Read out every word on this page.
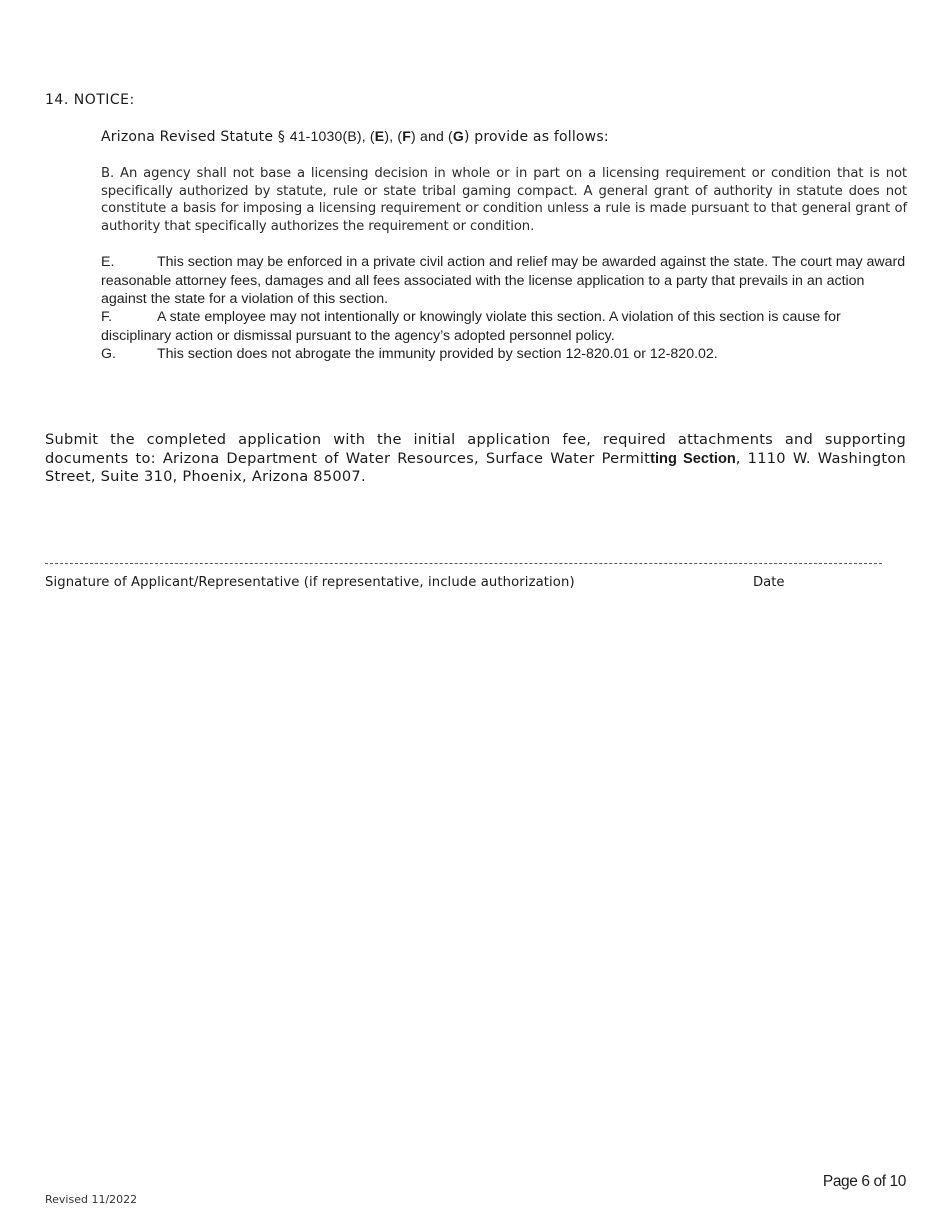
14. NOTICE:
Arizona Revised Statute § 41-1030(B), (E), (F) and (G) provide as follows:
B. An agency shall not base a licensing decision in whole or in part on a licensing requirement or condition that is not specifically authorized by statute, rule or state tribal gaming compact. A general grant of authority in statute does not constitute a basis for imposing a licensing requirement or condition unless a rule is made pursuant to that general grant of authority that specifically authorizes the requirement or condition.
E.	This section may be enforced in a private civil action and relief may be awarded against the state. The court may award reasonable attorney fees, damages and all fees associated with the license application to a party that prevails in an action against the state for a violation of this section.
F.	A state employee may not intentionally or knowingly violate this section. A violation of this section is cause for disciplinary action or dismissal pursuant to the agency’s adopted personnel policy.
G.	This section does not abrogate the immunity provided by section 12-820.01 or 12-820.02.
Submit the completed application with the initial application fee, required attachments and supporting documents to: Arizona Department of Water Resources, Surface Water Permitting Section, 1110 W. Washington Street, Suite 310, Phoenix, Arizona 85007.
Signature of Applicant/Representative (if representative, include authorization)	Date
Page 6 of 10
Revised 11/2022
